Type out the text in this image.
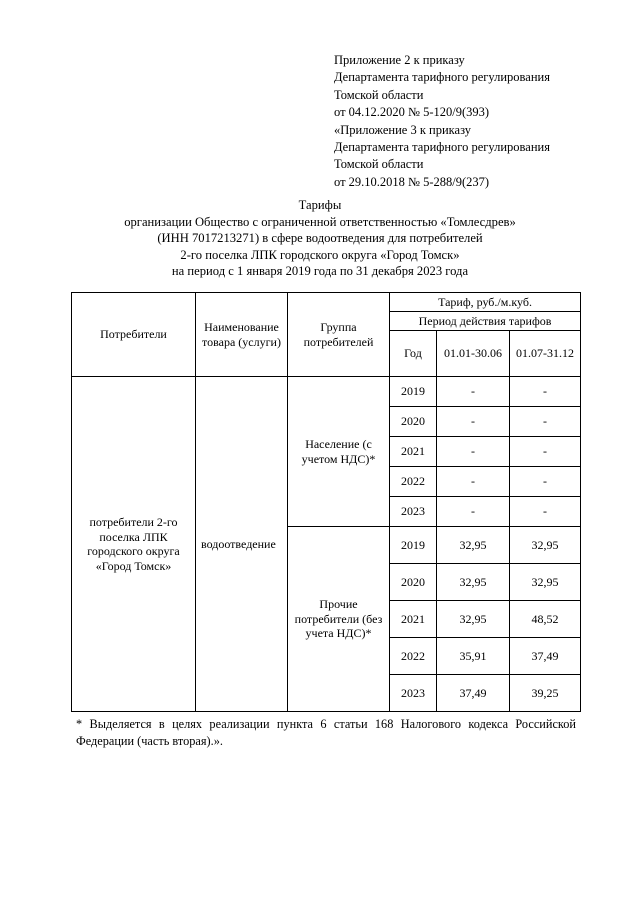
Приложение 2 к приказу
Департамента тарифного регулирования
Томской области
от 04.12.2020 № 5-120/9(393)
«Приложение 3 к приказу
Департамента тарифного регулирования
Томской области
от 29.10.2018 № 5-288/9(237)
Тарифы
организации Общество с ограниченной ответственностью «Томлесдрев»
(ИНН 7017213271) в сфере водоотведения для потребителей
2-го поселка ЛПК городского округа «Город Томск»
на период с 1 января 2019 года по 31 декабря 2023 года
Потребители	Наименование товара (услуги)	Группа потребителей	Тариф, руб./м.куб.		
			Период действия тарифов		
			Год	01.01-30.06	01.07-31.12
потребители 2-го поселка ЛПК городского округа «Город Томск»	водоотведение	Население (с учетом НДС)*	2019	-	-
			2020	-	-
			2021	-	-
			2022	-	-
			2023	-	-
		Прочие потребители (без учета НДС)*	2019	32,95	32,95
			2020	32,95	32,95
			2021	32,95	48,52
			2022	35,91	37,49
			2023	37,49	39,25
* Выделяется в целях реализации пункта 6 статьи 168 Налогового кодекса Российской Федерации (часть вторая).».
